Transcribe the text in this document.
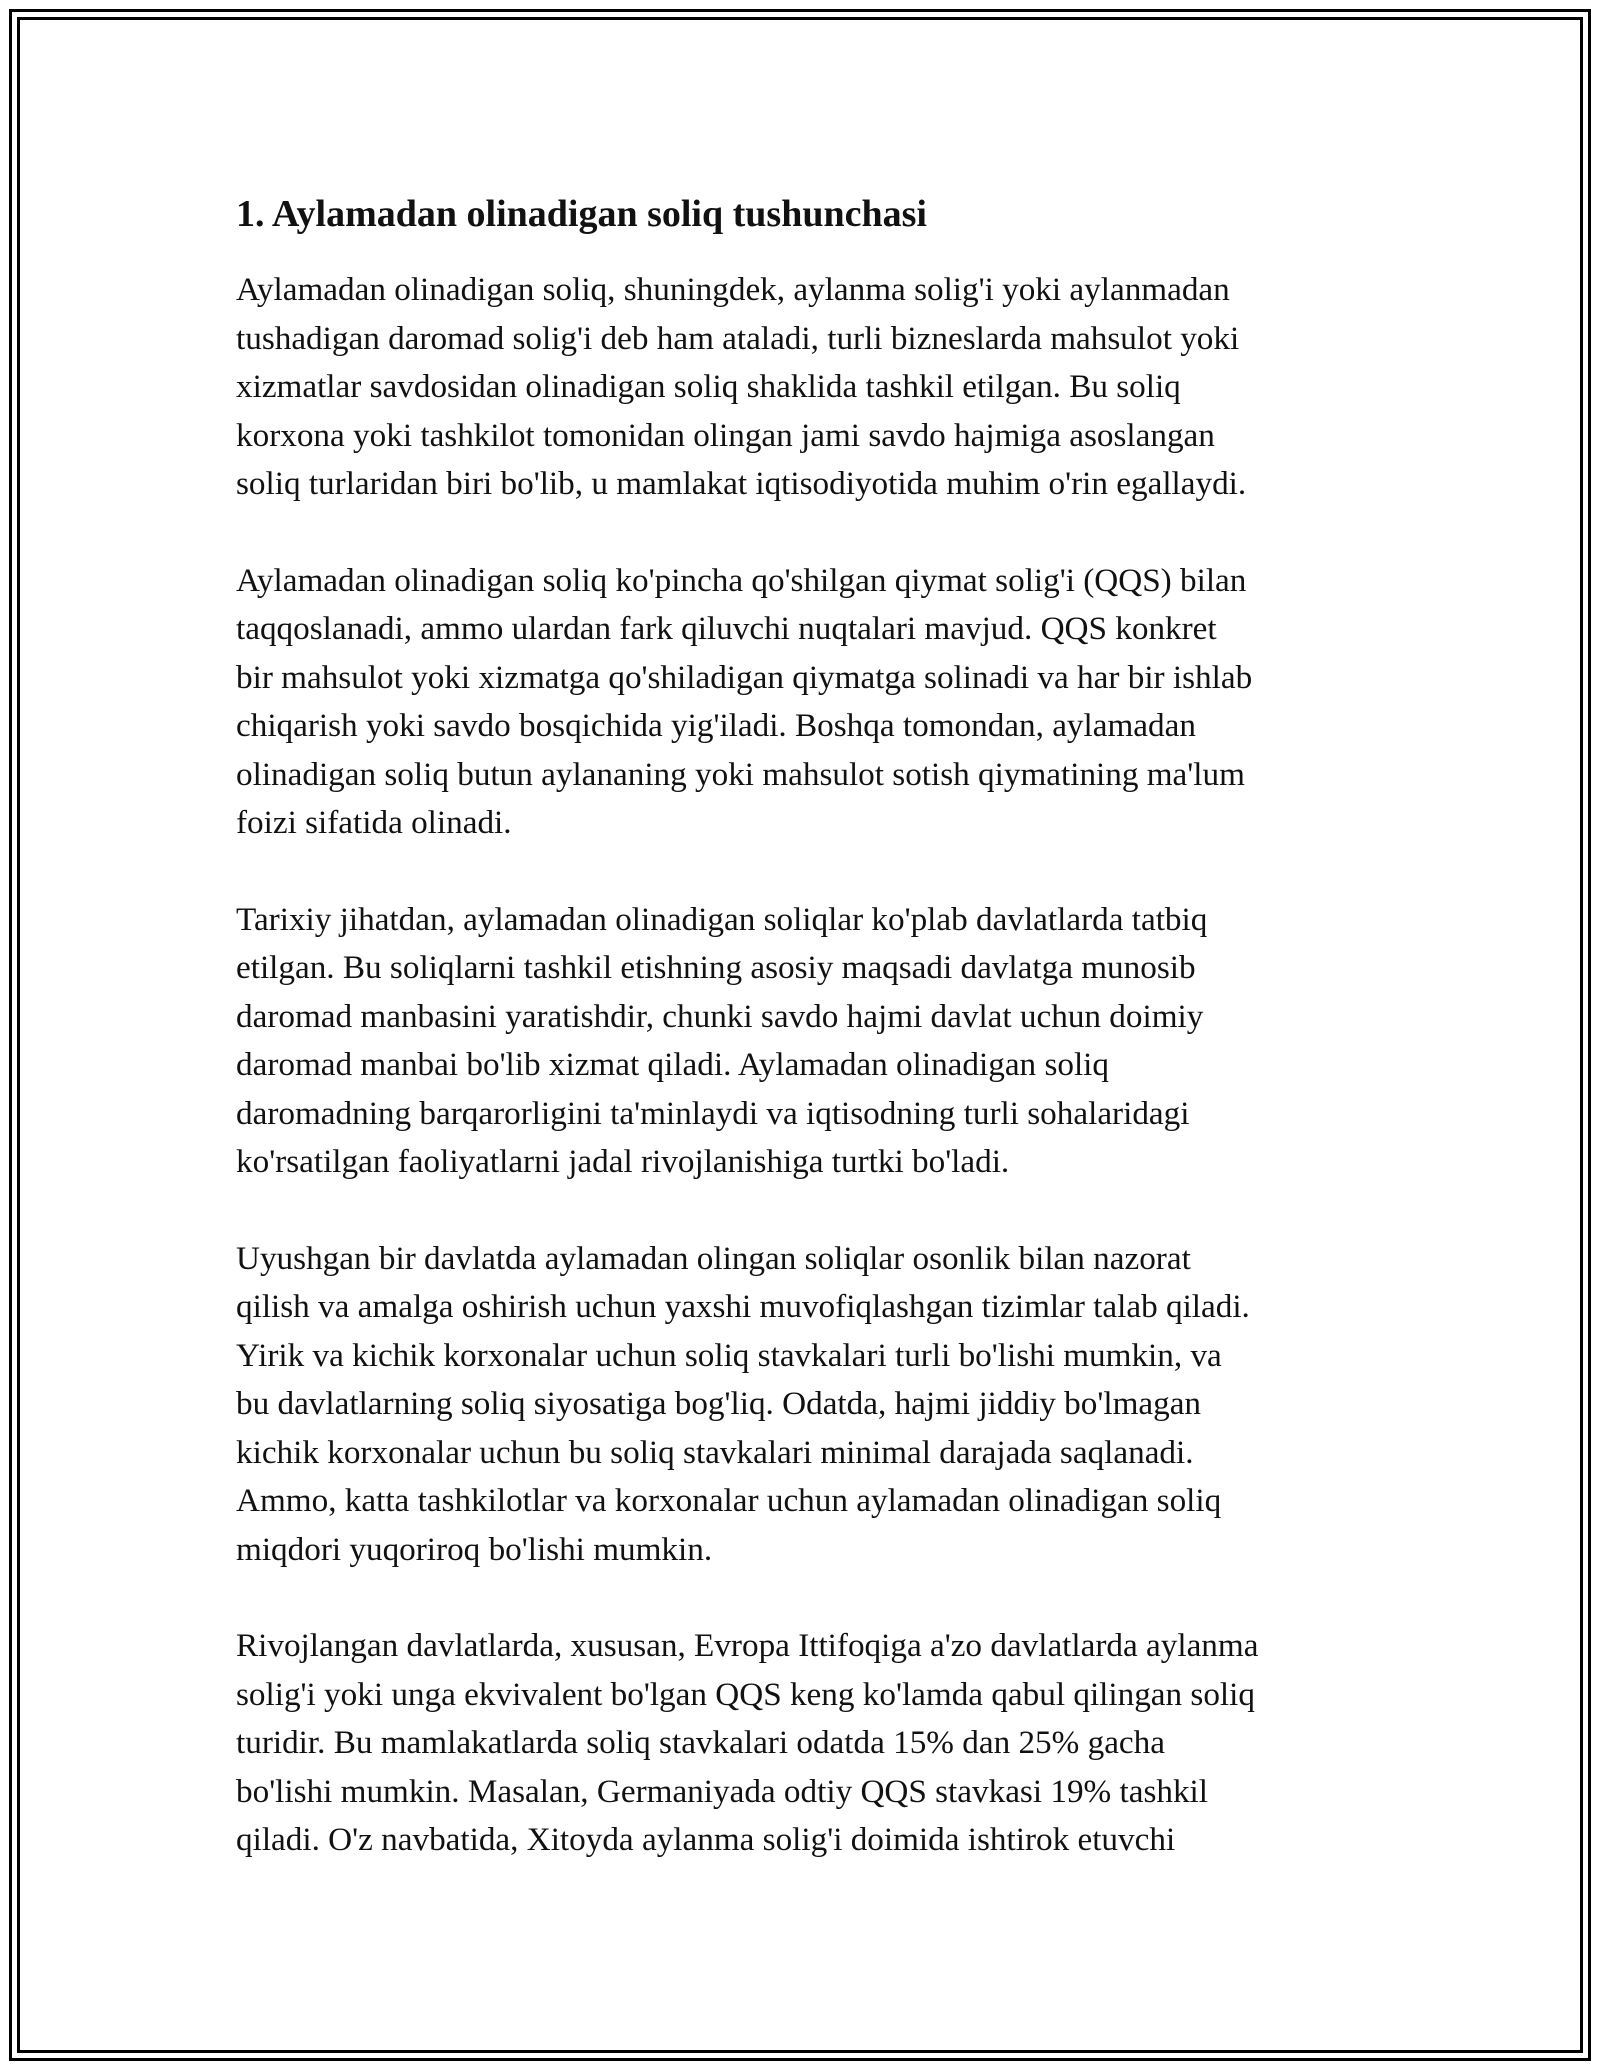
1. Aylamadan olinadigan soliq tushunchasi
Aylamadan olinadigan soliq, shuningdek, aylanma solig'i yoki aylanmadan
tushadigan daromad solig'i deb ham ataladi, turli bizneslarda mahsulot yoki
xizmatlar savdosidan olinadigan soliq shaklida tashkil etilgan. Bu soliq
korxona yoki tashkilot tomonidan olingan jami savdo hajmiga asoslangan
soliq turlaridan biri bo'lib, u mamlakat iqtisodiyotida muhim o'rin egallaydi.
Aylamadan olinadigan soliq ko'pincha qo'shilgan qiymat solig'i (QQS) bilan
taqqoslanadi, ammo ulardan fark qiluvchi nuqtalari mavjud. QQS konkret
bir mahsulot yoki xizmatga qo'shiladigan qiymatga solinadi va har bir ishlab
chiqarish yoki savdo bosqichida yig'iladi. Boshqa tomondan, aylamadan
olinadigan soliq butun aylananing yoki mahsulot sotish qiymatining ma'lum
foizi sifatida olinadi.
Tarixiy jihatdan, aylamadan olinadigan soliqlar ko'plab davlatlarda tatbiq
etilgan. Bu soliqlarni tashkil etishning asosiy maqsadi davlatga munosib
daromad manbasini yaratishdir, chunki savdo hajmi davlat uchun doimiy
daromad manbai bo'lib xizmat qiladi. Aylamadan olinadigan soliq
daromadning barqarorligini ta'minlaydi va iqtisodning turli sohalaridagi
ko'rsatilgan faoliyatlarni jadal rivojlanishiga turtki bo'ladi.
Uyushgan bir davlatda aylamadan olingan soliqlar osonlik bilan nazorat
qilish va amalga oshirish uchun yaxshi muvofiqlashgan tizimlar talab qiladi.
Yirik va kichik korxonalar uchun soliq stavkalari turli bo'lishi mumkin, va
bu davlatlarning soliq siyosatiga bog'liq. Odatda, hajmi jiddiy bo'lmagan
kichik korxonalar uchun bu soliq stavkalari minimal darajada saqlanadi.
Ammo, katta tashkilotlar va korxonalar uchun aylamadan olinadigan soliq
miqdori yuqoriroq bo'lishi mumkin.
Rivojlangan davlatlarda, xususan, Evropa Ittifoqiga a'zo davlatlarda aylanma
solig'i yoki unga ekvivalent bo'lgan QQS keng ko'lamda qabul qilingan soliq
turidir. Bu mamlakatlarda soliq stavkalari odatda 15% dan 25% gacha
bo'lishi mumkin. Masalan, Germaniyada odtiy QQS stavkasi 19% tashkil
qiladi. O'z navbatida, Xitoyda aylanma solig'i doimida ishtirok etuvchi
